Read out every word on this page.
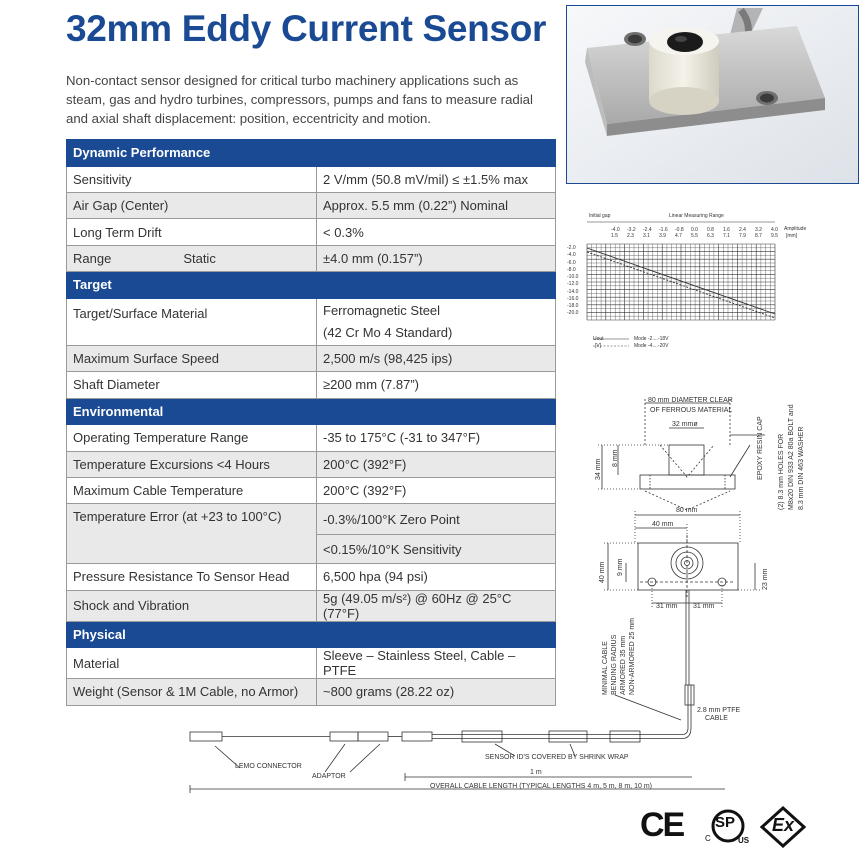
32mm Eddy Current Sensor
Non-contact sensor designed for critical turbo machinery applications such as steam, gas and hydro turbines, compressors, pumps and fans to measure radial and axial shaft displacement: position, eccentricity and motion.
Dynamic Performance	
Sensitivity	2 V/mm (50.8 mV/mil) ≤ ±1.5% max
Air Gap (Center)	Approx. 5.5 mm (0.22”) Nominal
Long Term Drift	< 0.3%
Range Static	±4.0 mm (0.157”)
Target	
Target/Surface Material	Ferromagnetic Steel
(42 Cr Mo 4 Standard)

Maximum Surface Speed	2,500 m/s (98,425 ips)
Shaft Diameter	≥200 mm (7.87”)
Environmental	
Operating Temperature Range	-35 to 175°C (-31 to 347°F)
Temperature Excursions <4 Hours	200°C (392°F)
Maximum Cable Temperature	200°C (392°F)
Temperature Error (at +23 to 100°C)	-0.3%/100°K Zero Point
	<0.15%/10°K Sensitivity
Pressure Resistance To Sensor Head	6,500 hpa (94 psi)
Shock and Vibration	5g (49.05 m/s²) @ 60Hz @ 25°C (77°F)
Physical	
Material	Sleeve – Stainless Steel, Cable – PTFE
Weight (Sensor & 1M Cable, no Armor)	~800 grams (28.22 oz)
Initial gap	Linear Measuring Range
Amplitude
[mm]
Uout
[V]
Mode -2....-18V
Mode -4....-20V
-4.0 -3.2 -2.4 -1.6 -0.8 0.0 0.8 1.6 2.4 3.2 4.0
1.5 2.3 3.1 3.9 4.7 5.5 6.3 7.1 7.9 8.7 9.5
-2.0
-4.0
-6.0
-8.0
-10.0
-12.0
-14.0
-16.0
-18.0
-20.0
80 mm DIAMETER CLEAR
OF FERROUS MATERIAL
32 mmø
34 mm
8 mm
80 mm
40 mm
40 mm 9 mm
31 mm 31 mm
23 mm
EPOXY RESIN CAP (2) 8.3 mm HOLES FOR M8x20 DIN 933 A2 80a BOLT and 8.3 mm DIN 463 WASHER
MINIMAL CABLE BENDING RADIUS ARMORED 35 mm NON-ARMORED 25 mm
LEMO CONNECTOR
ADAPTOR
SENSOR ID'S COVERED BY SHRINK WRAP
1 m
OVERALL CABLE LENGTH (TYPICAL LENGTHS 4 m, 5 m, 8 m, 10 m)
2.8 mm PTFE
CABLE
CE SP
C	US
Ex
